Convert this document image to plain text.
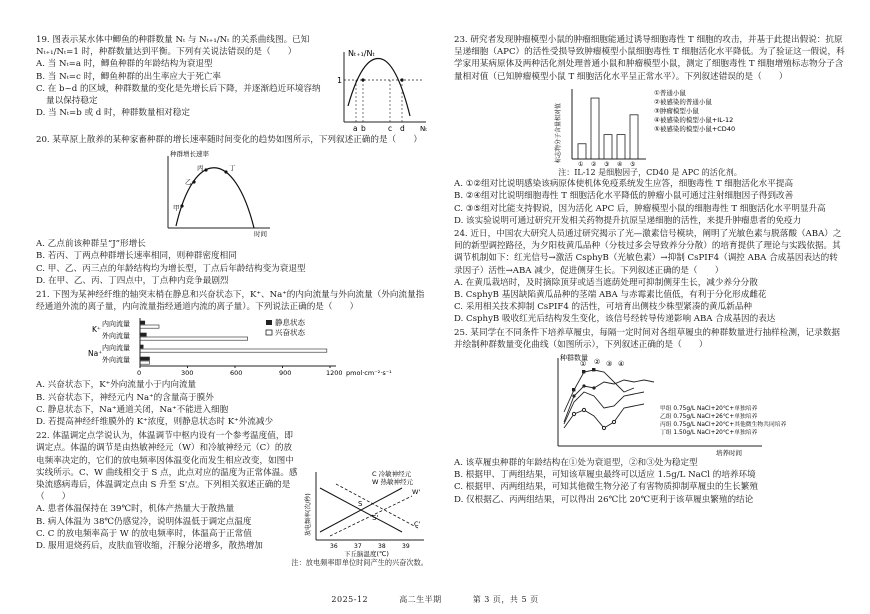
19. 图表示某水体中鲫鱼的种群数量 Nₜ 与 Nₜ₊₁/Nₜ 的关系曲线图。已知 Nₜ₊₁/Nₜ=1 时，种群数量达到平衡。下列有关说法错误的是（　　）
A. 当 Nₜ=a 时，鲫鱼种群的年龄结构为衰退型
B. 当 Nₜ=c 时，鲫鱼种群的出生率应大于死亡率
C. 在 b~d 的区域，种群数量的变化是先增长后下降，并逐渐趋近环境容纳量以保持稳定
D. 当 Nₜ=b 或 d 时，种群数量相对稳定
Nₜ₊₁/Nₜ
1
Nₜ
a b	c d
20. 某草原上散养的某种家畜种群的增长速率随时间变化的趋势如图所示，下列叙述正确的是（　　）
种群增长速率
时间
甲
乙
丙	丁
A. 乙点前该种群呈“J”形增长
B. 若丙、丁两点种群增长速率相同，则种群密度相同
C. 甲、乙、丙三点的年龄结构均为增长型，丁点后年龄结构变为衰退型
D. 在甲、乙、丙、丁四点中，丁点种内竞争最剧烈
21. 下图为某神经纤维的轴突末梢在静息和兴奋状态下，K⁺、Na⁺的内向流量与外向流量（外向流量指经通道外流的离子量，内向流量指经通道内流的离子量）。下列说法正确的是（　　）
K⁺
Na⁺
内向流量
外向流量
内向流量
外向流量
静息状态
兴奋状态
0	300	600	900	1200 pmol·cm⁻²·s⁻¹
A. 兴奋状态下，K⁺外向流量小于内向流量
B. 兴奋状态下，神经元内 Na⁺的含量高于膜外
C. 静息状态下，Na⁺通道关闭，Na⁺不能进入细胞
D. 若提高神经纤维膜外的 K⁺浓度，则静息状态时 K⁺外流减少
22. 体温调定点学说认为，体温调节中枢内设有一个参考温度值，即调定点。体温的调节是由热敏神经元（W）和冷敏神经元（C）的放电频率决定的，它们的放电频率因体温变化而发生相应改变，如图中实线所示。C、W 曲线相交于 S 点，此点对应的温度为正常体温。感染流感病毒后，体温调定点由 S 升至 S'点。下列相关叙述正确的是（　　）
A. 患者体温保持在 39℃时，机体产热量大于散热量
B. 病人体温为 38℃仍感觉冷，说明体温低于调定点温度
C. C 的放电频率高于 W 的放电频率时，体温高于正常值
D. 服用退烧药后，皮肤血管收缩，汗腺分泌增多，散热增加
C 冷敏神经元
W 热敏神经元
S
S'
C'
W'
36	37	38	39
下丘脑温度(℃)
放电频率(次/秒)
注：放电频率即单位时间产生的兴奋次数。
23. 研究者发现肿瘤模型小鼠的肿瘤细胞能通过诱导细胞毒性 T 细胞的攻击，并基于此提出假说：抗原呈递细胞（APC）的活性受损导致肿瘤模型小鼠细胞毒性 T 细胞活化水平降低。为了验证这一假说，科学家用某病原体及两种活化剂处理普通小鼠和肿瘤模型小鼠，测定了细胞毒性 T 细胞增殖标志物分子含量相对值（已知肿瘤模型小鼠 T 细胞活化水平呈正常水平）。下列叙述错误的是（　　）
① ② ③ ④ ⑤
标志物分子含量相对值
①普通小鼠
②被感染的普通小鼠
③肿瘤模型小鼠
④被感染的模型小鼠+IL-12
⑤被感染的模型小鼠+CD40
注：IL-12 是细胞因子，CD40 是 APC 的活化剂。
A. ①②组对比说明感染该病原体使机体免疫系统发生应答，细胞毒性 T 细胞活化水平提高
B. ②④组对比说明细胞毒性 T 细胞活化水平降低的肿瘤小鼠可通过注射细胞因子得到改善
C. ③⑤组对比能支持假说，因为活化 APC 后，肿瘤模型小鼠的细胞毒性 T 细胞活化水平明显升高
D. 该实验说明可通过研究开发相关药物提升抗原呈递细胞的活性，来提升肿瘤患者的免疫力
24. 近日，中国农大研究人员通过研究揭示了光—激素信号模块，阐明了光敏色素与脱落酸（ABA）之间的新型调控路径，为夕阳枝黄瓜品种（分枝过多会导致养分分散）的培育提供了理论与实践依据。其调节机制如下：红光信号→激活 CsphyB（光敏色素）→抑制 CsPIF4（调控 ABA 合成基因表达的转录因子）活性→ABA 减少，促进侧芽生长。下列叙述正确的是（　　）
A. 在黄瓜栽培时，及时摘除顶芽或适当遮荫处理可抑制侧芽生长，减少养分分散
B. CsphyB 基因缺陷黄瓜品种的茎端 ABA 与赤霉素比值低，有利于分化形成雌花
C. 采用相关技术抑制 CsPIF4 的活性，可培育出侧枝少株型紧凑的黄瓜新品种
D. CsphyB 吸收红光后结构发生变化，该信号经转导传递影响 ABA 合成基因的表达
25. 某同学在不同条件下培养草履虫，每隔一定时间对各组草履虫的种群数量进行抽样检测，记录数据并绘制种群数量变化曲线（如图所示），下列叙述正确的是（　　）
种群数量
培养时间
① ② ③ ④
甲组 0.75g/L NaCl+20℃+单独培养
乙组 0.75g/L NaCl+26℃+单独培养
丙组 0.75g/L NaCl+20℃+其他微生物共同培养
丁组 1.50g/L NaCl+20℃+单独培养
A. 该草履虫种群的年龄结构在①处为衰退型，②和③处为稳定型
B. 根据甲、丁两组结果，可知该草履虫最终可以适应 1.5g/L NaCl 的培养环境
C. 根据甲、丙两组结果，可知其他微生物分泌了有害物质抑制草履虫的生长繁殖
D. 仅根据乙、丙两组结果，可以得出 26℃比 20℃更利于该草履虫繁殖的结论
2025-12	高二生半期	第 3 页，共 5 页
